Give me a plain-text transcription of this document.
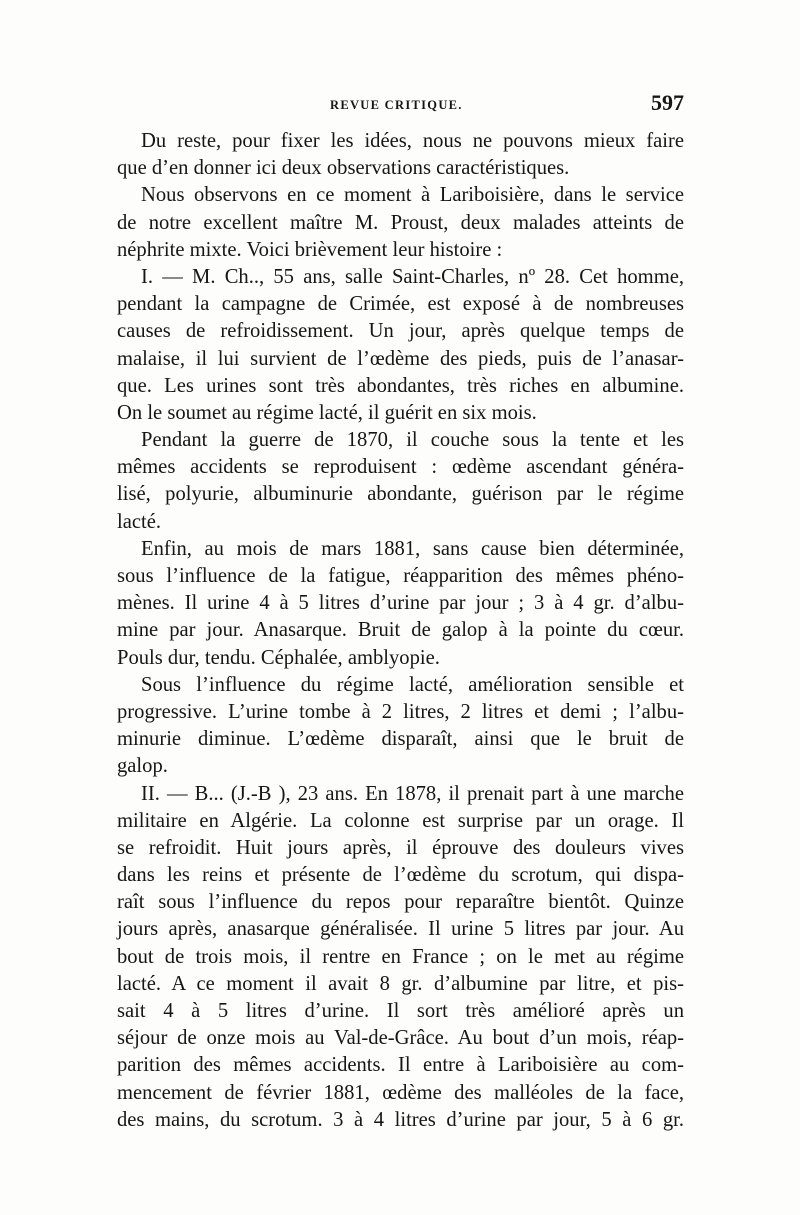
REVUE CRITIQUE.	597
Du reste, pour fixer les idées, nous ne pouvons mieux faire
que d’en donner ici deux observations caractéristiques.
Nous observons en ce moment à Lariboisière, dans le service
de notre excellent maître M. Proust, deux malades atteints de
néphrite mixte. Voici brièvement leur histoire :
I. — M. Ch.., 55 ans, salle Saint-Charles, nº 28. Cet homme,
pendant la campagne de Crimée, est exposé à de nombreuses
causes de refroidissement. Un jour, après quelque temps de
malaise, il lui survient de l’œdème des pieds, puis de l’anasar-
que. Les urines sont très abondantes, très riches en albumine.
On le soumet au régime lacté, il guérit en six mois.
Pendant la guerre de 1870, il couche sous la tente et les
mêmes accidents se reproduisent : œdème ascendant généra-
lisé, polyurie, albuminurie abondante, guérison par le régime
lacté.
Enfin, au mois de mars 1881, sans cause bien déterminée,
sous l’influence de la fatigue, réapparition des mêmes phéno-
mènes. Il urine 4 à 5 litres d’urine par jour ; 3 à 4 gr. d’albu-
mine par jour. Anasarque. Bruit de galop à la pointe du cœur.
Pouls dur, tendu. Céphalée, amblyopie.
Sous l’influence du régime lacté, amélioration sensible et
progressive. L’urine tombe à 2 litres, 2 litres et demi ; l’albu-
minurie diminue. L’œdème disparaît, ainsi que le bruit de
galop.
II. — B... (J.-B ), 23 ans. En 1878, il prenait part à une marche
militaire en Algérie. La colonne est surprise par un orage. Il
se refroidit. Huit jours après, il éprouve des douleurs vives
dans les reins et présente de l’œdème du scrotum, qui dispa-
raît sous l’influence du repos pour reparaître bientôt. Quinze
jours après, anasarque généralisée. Il urine 5 litres par jour. Au
bout de trois mois, il rentre en France ; on le met au régime
lacté. A ce moment il avait 8 gr. d’albumine par litre, et pis-
sait 4 à 5 litres d’urine. Il sort très amélioré après un
séjour de onze mois au Val-de-Grâce. Au bout d’un mois, réap-
parition des mêmes accidents. Il entre à Lariboisière au com-
mencement de février 1881, œdème des malléoles de la face,
des mains, du scrotum. 3 à 4 litres d’urine par jour, 5 à 6 gr.
